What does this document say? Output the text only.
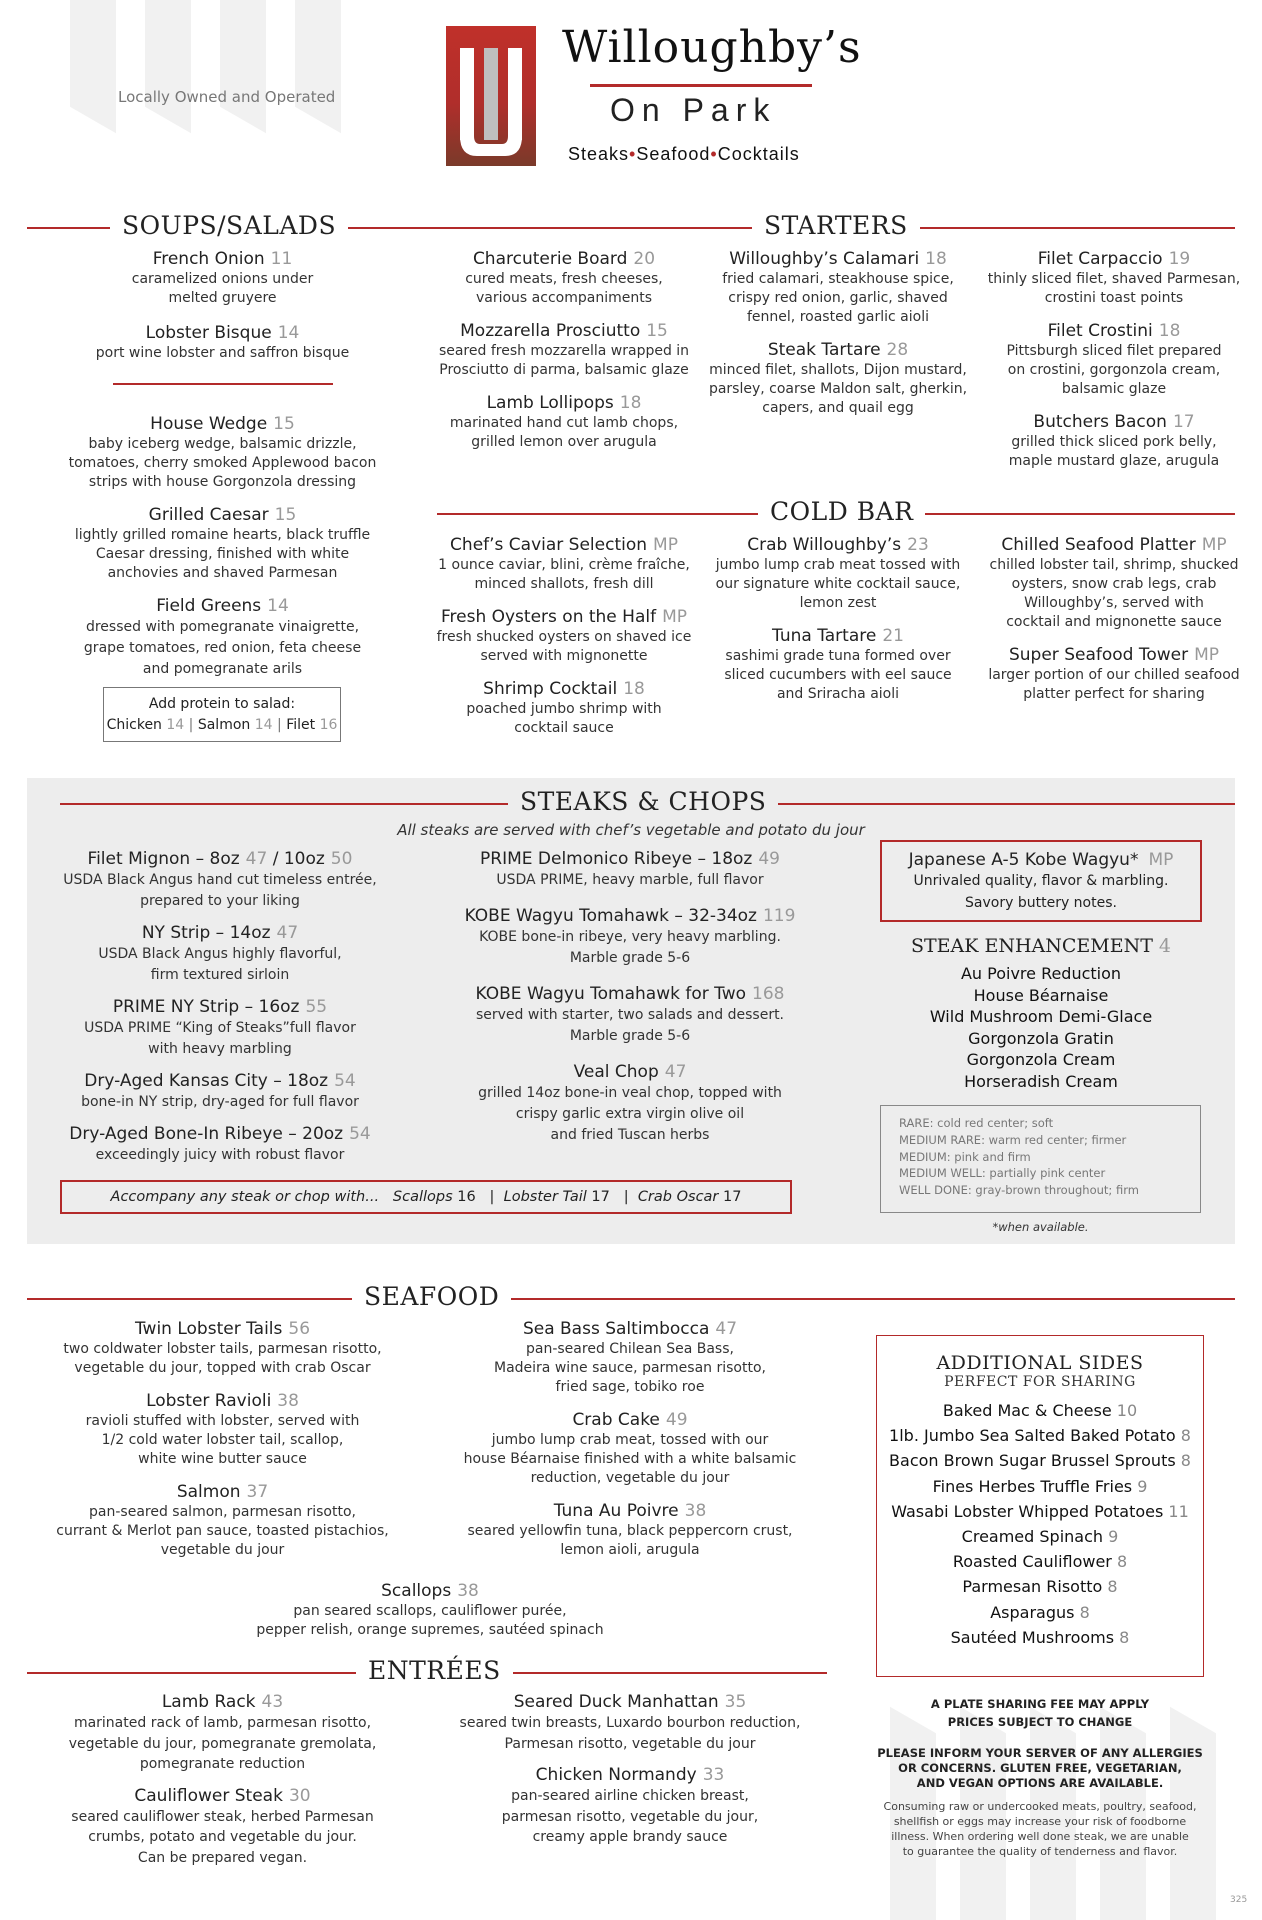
Locally Owned and Operated
Willoughby’s
On Park
Steaks•Seafood•Cocktails
SOUPS/SALADS	STARTERS
COLD BAR
French Onion 11
caramelized onions under
melted gruyere
Lobster Bisque 14
port wine lobster and saffron bisque
House Wedge 15
baby iceberg wedge, balsamic drizzle,
tomatoes, cherry smoked Applewood bacon
strips with house Gorgonzola dressing
Grilled Caesar 15
lightly grilled romaine hearts, black truffle
Caesar dressing, finished with white
anchovies and shaved Parmesan
Field Greens 14
dressed with pomegranate vinaigrette,
grape tomatoes, red onion, feta cheese
and pomegranate arils
Add protein to salad:
Chicken 14 | Salmon 14 | Filet 16
Charcuterie Board 20
cured meats, fresh cheeses,
various accompaniments
Mozzarella Prosciutto 15
seared fresh mozzarella wrapped in
Prosciutto di parma, balsamic glaze
Lamb Lollipops 18
marinated hand cut lamb chops,
grilled lemon over arugula
Willoughby’s Calamari 18
fried calamari, steakhouse spice,
crispy red onion, garlic, shaved
fennel, roasted garlic aioli
Steak Tartare 28
minced filet, shallots, Dijon mustard,
parsley, coarse Maldon salt, gherkin,
capers, and quail egg
Filet Carpaccio 19
thinly sliced filet, shaved Parmesan,
crostini toast points
Filet Crostini 18
Pittsburgh sliced filet prepared
on crostini, gorgonzola cream,
balsamic glaze
Butchers Bacon 17
grilled thick sliced pork belly,
maple mustard glaze, arugula
Chef’s Caviar Selection MP
1 ounce caviar, blini, crème fraîche,
minced shallots, fresh dill
Fresh Oysters on the Half MP
fresh shucked oysters on shaved ice
served with mignonette
Shrimp Cocktail 18
poached jumbo shrimp with
cocktail sauce
Crab Willoughby’s 23
jumbo lump crab meat tossed with
our signature white cocktail sauce,
lemon zest
Tuna Tartare 21
sashimi grade tuna formed over
sliced cucumbers with eel sauce
and Sriracha aioli
Chilled Seafood Platter MP
chilled lobster tail, shrimp, shucked
oysters, snow crab legs, crab
Willoughby’s, served with
cocktail and mignonette sauce
Super Seafood Tower MP
larger portion of our chilled seafood
platter perfect for sharing
STEAKS & CHOPS
All steaks are served with chef’s vegetable and potato du jour
Filet Mignon – 8oz 47 / 10oz 50
USDA Black Angus hand cut timeless entrée,
prepared to your liking
NY Strip – 14oz 47
USDA Black Angus highly flavorful,
firm textured sirloin
PRIME NY Strip – 16oz 55
USDA PRIME “King of Steaks”full flavor
with heavy marbling
Dry-Aged Kansas City – 18oz 54
bone-in NY strip, dry-aged for full flavor
Dry-Aged Bone-In Ribeye – 20oz 54
exceedingly juicy with robust flavor
PRIME Delmonico Ribeye – 18oz 49
USDA PRIME, heavy marble, full flavor
KOBE Wagyu Tomahawk – 32-34oz 119
KOBE bone-in ribeye, very heavy marbling.
Marble grade 5-6
KOBE Wagyu Tomahawk for Two 168
served with starter, two salads and dessert.
Marble grade 5-6
Veal Chop 47
grilled 14oz bone-in veal chop, topped with
crispy garlic extra virgin olive oil
and fried Tuscan herbs
Japanese A-5 Kobe Wagyu* MP
Unrivaled quality, flavor & marbling.
Savory buttery notes.
STEAK ENHANCEMENT 4
Au Poivre Reduction
House Béarnaise
Wild Mushroom Demi-Glace
Gorgonzola Gratin
Gorgonzola Cream
Horseradish Cream
RARE: cold red center; soft
MEDIUM RARE: warm red center; firmer
MEDIUM: pink and firm
MEDIUM WELL: partially pink center
WELL DONE: gray-brown throughout; firm
*when available.
Accompany any steak or chop with... Scallops 16   |  Lobster Tail 17   |  Crab Oscar 17
SEAFOOD
Twin Lobster Tails 56
two coldwater lobster tails, parmesan risotto,
vegetable du jour, topped with crab Oscar
Lobster Ravioli 38
ravioli stuffed with lobster, served with
1/2 cold water lobster tail, scallop,
white wine butter sauce
Salmon 37
pan-seared salmon, parmesan risotto,
currant & Merlot pan sauce, toasted pistachios,
vegetable du jour
Sea Bass Saltimbocca 47
pan-seared Chilean Sea Bass,
Madeira wine sauce, parmesan risotto,
fried sage, tobiko roe
Crab Cake 49
jumbo lump crab meat, tossed with our
house Béarnaise finished with a white balsamic
reduction, vegetable du jour
Tuna Au Poivre 38
seared yellowfin tuna, black peppercorn crust,
lemon aioli, arugula
Scallops 38
pan seared scallops, cauliflower purée,
pepper relish, orange supremes, sautéed spinach
ENTRÉES
Lamb Rack 43
marinated rack of lamb, parmesan risotto,
vegetable du jour, pomegranate gremolata,
pomegranate reduction
Cauliflower Steak 30
seared cauliflower steak, herbed Parmesan
crumbs, potato and vegetable du jour.
Can be prepared vegan.
Seared Duck Manhattan 35
seared twin breasts, Luxardo bourbon reduction,
Parmesan risotto, vegetable du jour
Chicken Normandy 33
pan-seared airline chicken breast,
parmesan risotto, vegetable du jour,
creamy apple brandy sauce
ADDITIONAL SIDES
PERFECT FOR SHARING
Baked Mac & Cheese 10
1lb. Jumbo Sea Salted Baked Potato 8
Bacon Brown Sugar Brussel Sprouts 8
Fines Herbes Truffle Fries 9
Wasabi Lobster Whipped Potatoes 11
Creamed Spinach 9
Roasted Cauliflower 8
Parmesan Risotto 8
Asparagus 8
Sautéed Mushrooms 8
A PLATE SHARING FEE MAY APPLY
PRICES SUBJECT TO CHANGE
PLEASE INFORM YOUR SERVER OF ANY ALLERGIES
OR CONCERNS. GLUTEN FREE, VEGETARIAN,
AND VEGAN OPTIONS ARE AVAILABLE.
Consuming raw or undercooked meats, poultry, seafood,
shellfish or eggs may increase your risk of foodborne
illness. When ordering well done steak, we are unable
to guarantee the quality of tenderness and flavor.
325
